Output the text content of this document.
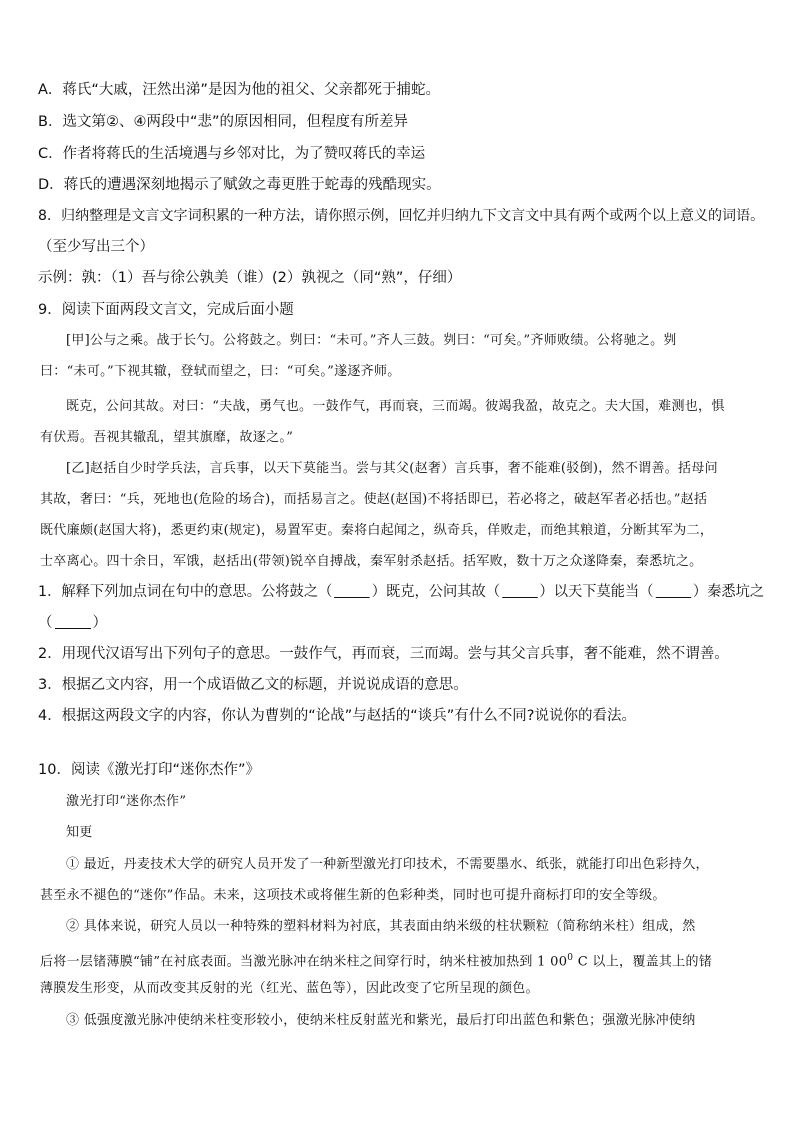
A．蒋氏“大戚，汪然出涕”是因为他的祖父、父亲都死于捕蛇。
B．选文第②、④两段中“悲”的原因相同，但程度有所差异
C．作者将蒋氏的生活境遇与乡邻对比，为了赞叹蒋氏的幸运
D．蒋氏的遭遇深刻地揭示了赋敛之毒更胜于蛇毒的残酷现实。
8．归纳整理是文言文字词积累的一种方法，请你照示例，回忆并归纳九下文言文中具有两个或两个以上意义的词语。
（至少写出三个）
示例：孰：（1）吾与徐公孰美（谁）(2）孰视之（同“熟”，仔细）
9．阅读下面两段文言文，完成后面小题
[甲]公与之乘。战于长勺。公将鼓之。刿曰：“未可。”齐人三鼓。刿曰：“可矣。”齐师败绩。公将驰之。刿
曰：“未可。”下视其辙，登轼而望之，曰：“可矣。”遂逐齐师。
既克，公问其故。对曰：“夫战，勇气也。一鼓作气，再而衰，三而竭。彼竭我盈，故克之。夫大国，难测也，惧
有伏焉。吾视其辙乱，望其旗靡，故逐之。”
[乙]赵括自少时学兵法，言兵事，以天下莫能当。尝与其父(赵奢）言兵事，奢不能难(驳倒)，然不谓善。括母问
其故，奢曰：“兵，死地也(危险的场合)，而括易言之。使赵(赵国)不将括即已，若必将之，破赵军者必括也。”赵括
既代廉颇(赵国大将)，悉更约束(规定)，易置军吏。秦将白起闻之，纵奇兵，佯败走，而绝其粮道，分断其军为二，
士卒离心。四十余日，军饿，赵括出(带领)锐卒自搏战，秦军射杀赵括。括军败，数十万之众遂降秦，秦悉坑之。
1．解释下列加点词在句中的意思。公将鼓之（	）既克，公问其故（	）以天下莫能当（	）秦悉坑之
（	）
2．用现代汉语写出下列句子的意思。一鼓作气，再而衰，三而竭。尝与其父言兵事，奢不能难，然不谓善。
3．根据乙文内容，用一个成语做乙文的标题，并说说成语的意思。
4．根据这两段文字的内容，你认为曹刿的“论战”与赵括的“谈兵”有什么不同?说说你的看法。
10．阅读《激光打印“迷你杰作”》
激光打印“迷你杰作”
知更
① 最近，丹麦技术大学的研究人员开发了一种新型激光打印技术，不需要墨水、纸张，就能打印出色彩持久，
甚至永不褪色的“迷你”作品。未来，这项技术或将催生新的色彩种类，同时也可提升商标打印的安全等级。
② 具体来说，研究人员以一种特殊的塑料材料为衬底，其表面由纳米级的柱状颗粒（简称纳米柱）组成，然
后将一层锗薄膜“铺”在衬底表面。当激光脉冲在纳米柱之间穿行时，纳米柱被加热到 1 $00^0$ C 以上，覆盖其上的锗
薄膜发生形变，从而改变其反射的光（红光、蓝色等），因此改变了它所呈现的颜色。
③ 低强度激光脉冲使纳米柱变形较小，使纳米柱反射蓝光和紫光，最后打印出蓝色和紫色；强激光脉冲使纳
